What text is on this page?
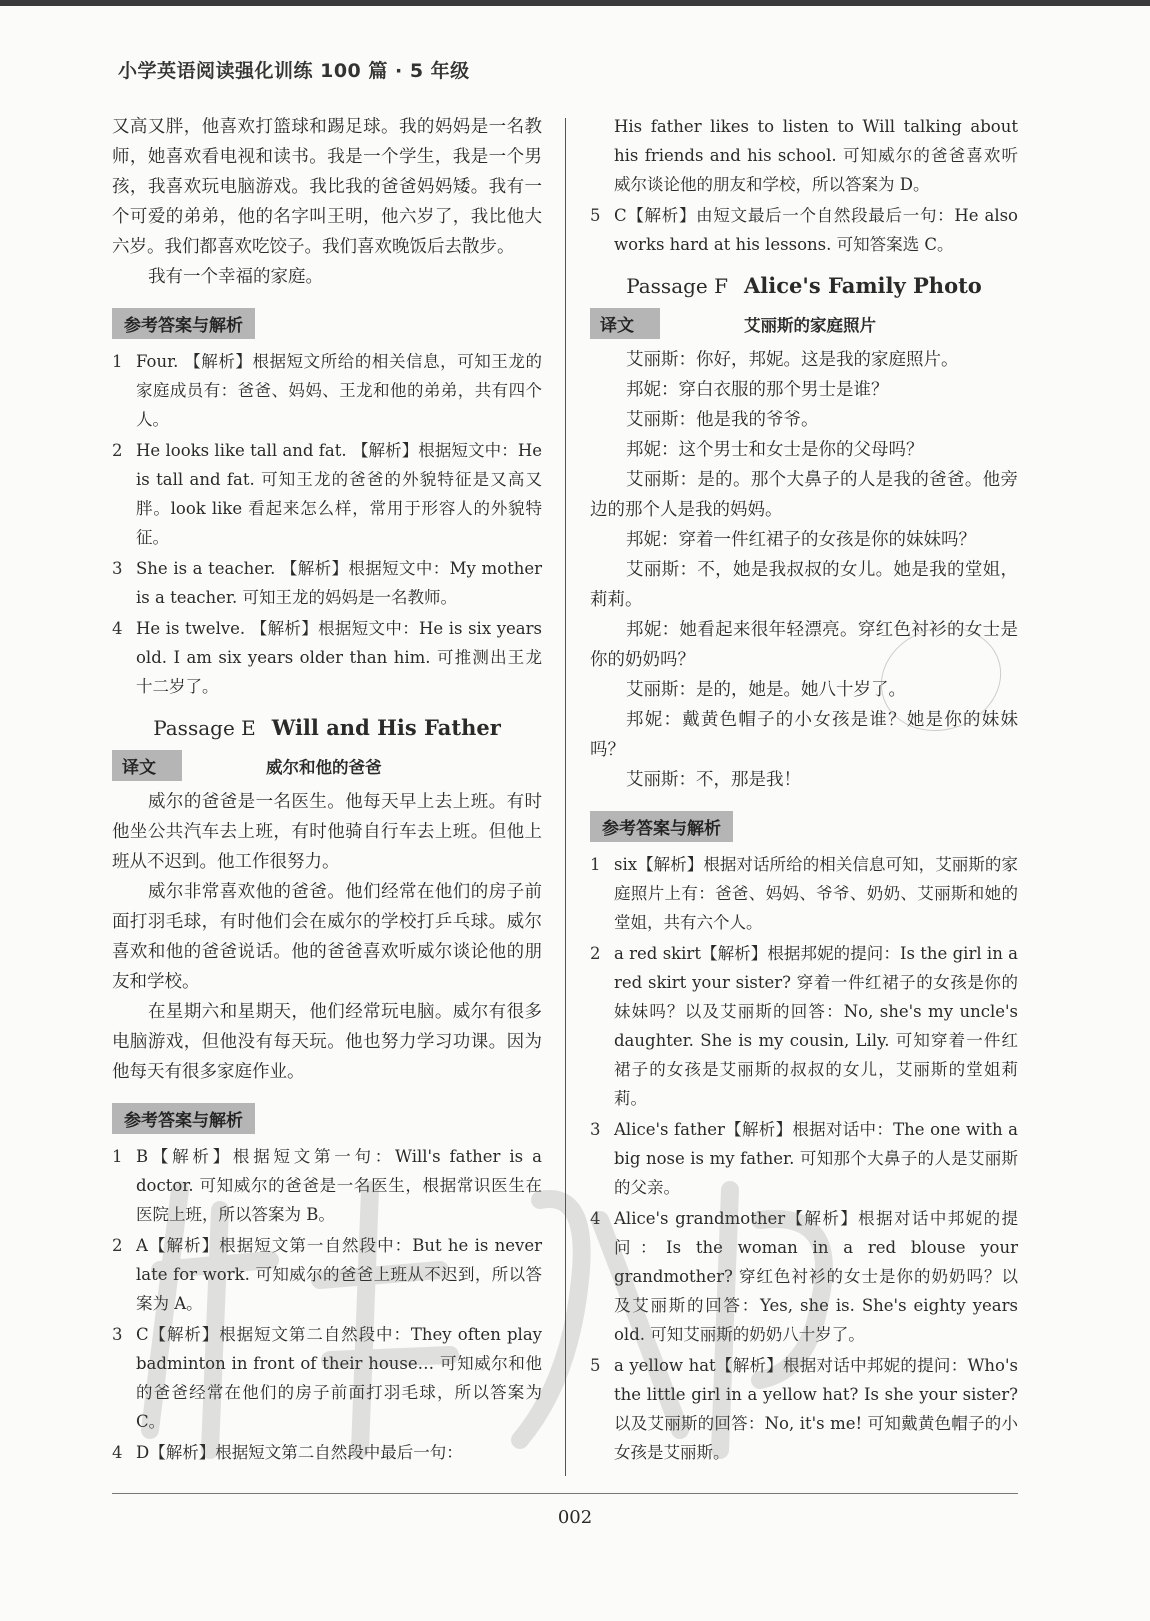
小学英语阅读强化训练 100 篇 · 5 年级

又高又胖，他喜欢打篮球和踢足球。我的妈妈是一名教师，她喜欢看电视和读书。我是一个学生，我是一个男孩，我喜欢玩电脑游戏。我比我的爸爸妈妈矮。我有一个可爱的弟弟，他的名字叫王明，他六岁了，我比他大六岁。我们都喜欢吃饺子。我们喜欢晚饭后去散步。

我有一个幸福的家庭。

参考答案与解析
1 Four. 【解析】根据短文所给的相关信息，可知王龙的家庭成员有：爸爸、妈妈、王龙和他的弟弟，共有四个人。
2 He looks like tall and fat. 【解析】根据短文中：He is tall and fat. 可知王龙的爸爸的外貌特征是又高又胖。look like 看起来怎么样，常用于形容人的外貌特征。
3 She is a teacher. 【解析】根据短文中：My mother is a teacher. 可知王龙的妈妈是一名教师。
4 He is twelve. 【解析】根据短文中：He is six years old. I am six years older than him. 可推测出王龙十二岁了。
Passage E Will and His Father
译文	威尔和他的爸爸

威尔的爸爸是一名医生。他每天早上去上班。有时他坐公共汽车去上班，有时他骑自行车去上班。但他上班从不迟到。他工作很努力。

威尔非常喜欢他的爸爸。他们经常在他们的房子前面打羽毛球，有时他们会在威尔的学校打乒乓球。威尔喜欢和他的爸爸说话。他的爸爸喜欢听威尔谈论他的朋友和学校。

在星期六和星期天，他们经常玩电脑。威尔有很多电脑游戏，但他没有每天玩。他也努力学习功课。因为他每天有很多家庭作业。

参考答案与解析
1 B【解析】根据短文第一句：Will's father is a doctor. 可知威尔的爸爸是一名医生，根据常识医生在医院上班，所以答案为 B。
2 A【解析】根据短文第一自然段中：But he is never late for work. 可知威尔的爸爸上班从不迟到，所以答案为 A。
3 C【解析】根据短文第二自然段中：They often play badminton in front of their house… 可知威尔和他的爸爸经常在他们的房子前面打羽毛球，所以答案为 C。
4 D【解析】根据短文第二自然段中最后一句：
His father likes to listen to Will talking about his friends and his school. 可知威尔的爸爸喜欢听威尔谈论他的朋友和学校，所以答案为 D。
5 C【解析】由短文最后一个自然段最后一句：He also works hard at his lessons. 可知答案选 C。
Passage F Alice's Family Photo
译文	艾丽斯的家庭照片

艾丽斯：你好，邦妮。这是我的家庭照片。

邦妮：穿白衣服的那个男士是谁？

艾丽斯：他是我的爷爷。

邦妮：这个男士和女士是你的父母吗？

艾丽斯：是的。那个大鼻子的人是我的爸爸。他旁边的那个人是我的妈妈。

邦妮：穿着一件红裙子的女孩是你的妹妹吗？

艾丽斯：不，她是我叔叔的女儿。她是我的堂姐，莉莉。

邦妮：她看起来很年轻漂亮。穿红色衬衫的女士是你的奶奶吗？

艾丽斯：是的，她是。她八十岁了。

邦妮：戴黄色帽子的小女孩是谁？她是你的妹妹吗？

艾丽斯：不，那是我！

参考答案与解析
1 six【解析】根据对话所给的相关信息可知，艾丽斯的家庭照片上有：爸爸、妈妈、爷爷、奶奶、艾丽斯和她的堂姐，共有六个人。
2 a red skirt【解析】根据邦妮的提问：Is the girl in a red skirt your sister? 穿着一件红裙子的女孩是你的妹妹吗？以及艾丽斯的回答：No, she's my uncle's daughter. She is my cousin, Lily. 可知穿着一件红裙子的女孩是艾丽斯的叔叔的女儿，艾丽斯的堂姐莉莉。
3 Alice's father【解析】根据对话中：The one with a big nose is my father. 可知那个大鼻子的人是艾丽斯的父亲。
4 Alice's grandmother【解析】根据对话中邦妮的提问：Is the woman in a red blouse your grandmother? 穿红色衬衫的女士是你的奶奶吗？以及艾丽斯的回答：Yes, she is. She's eighty years old. 可知艾丽斯的奶奶八十岁了。
5 a yellow hat【解析】根据对话中邦妮的提问：Who's the little girl in a yellow hat? Is she your sister? 以及艾丽斯的回答：No, it's me! 可知戴黄色帽子的小女孩是艾丽斯。
002
